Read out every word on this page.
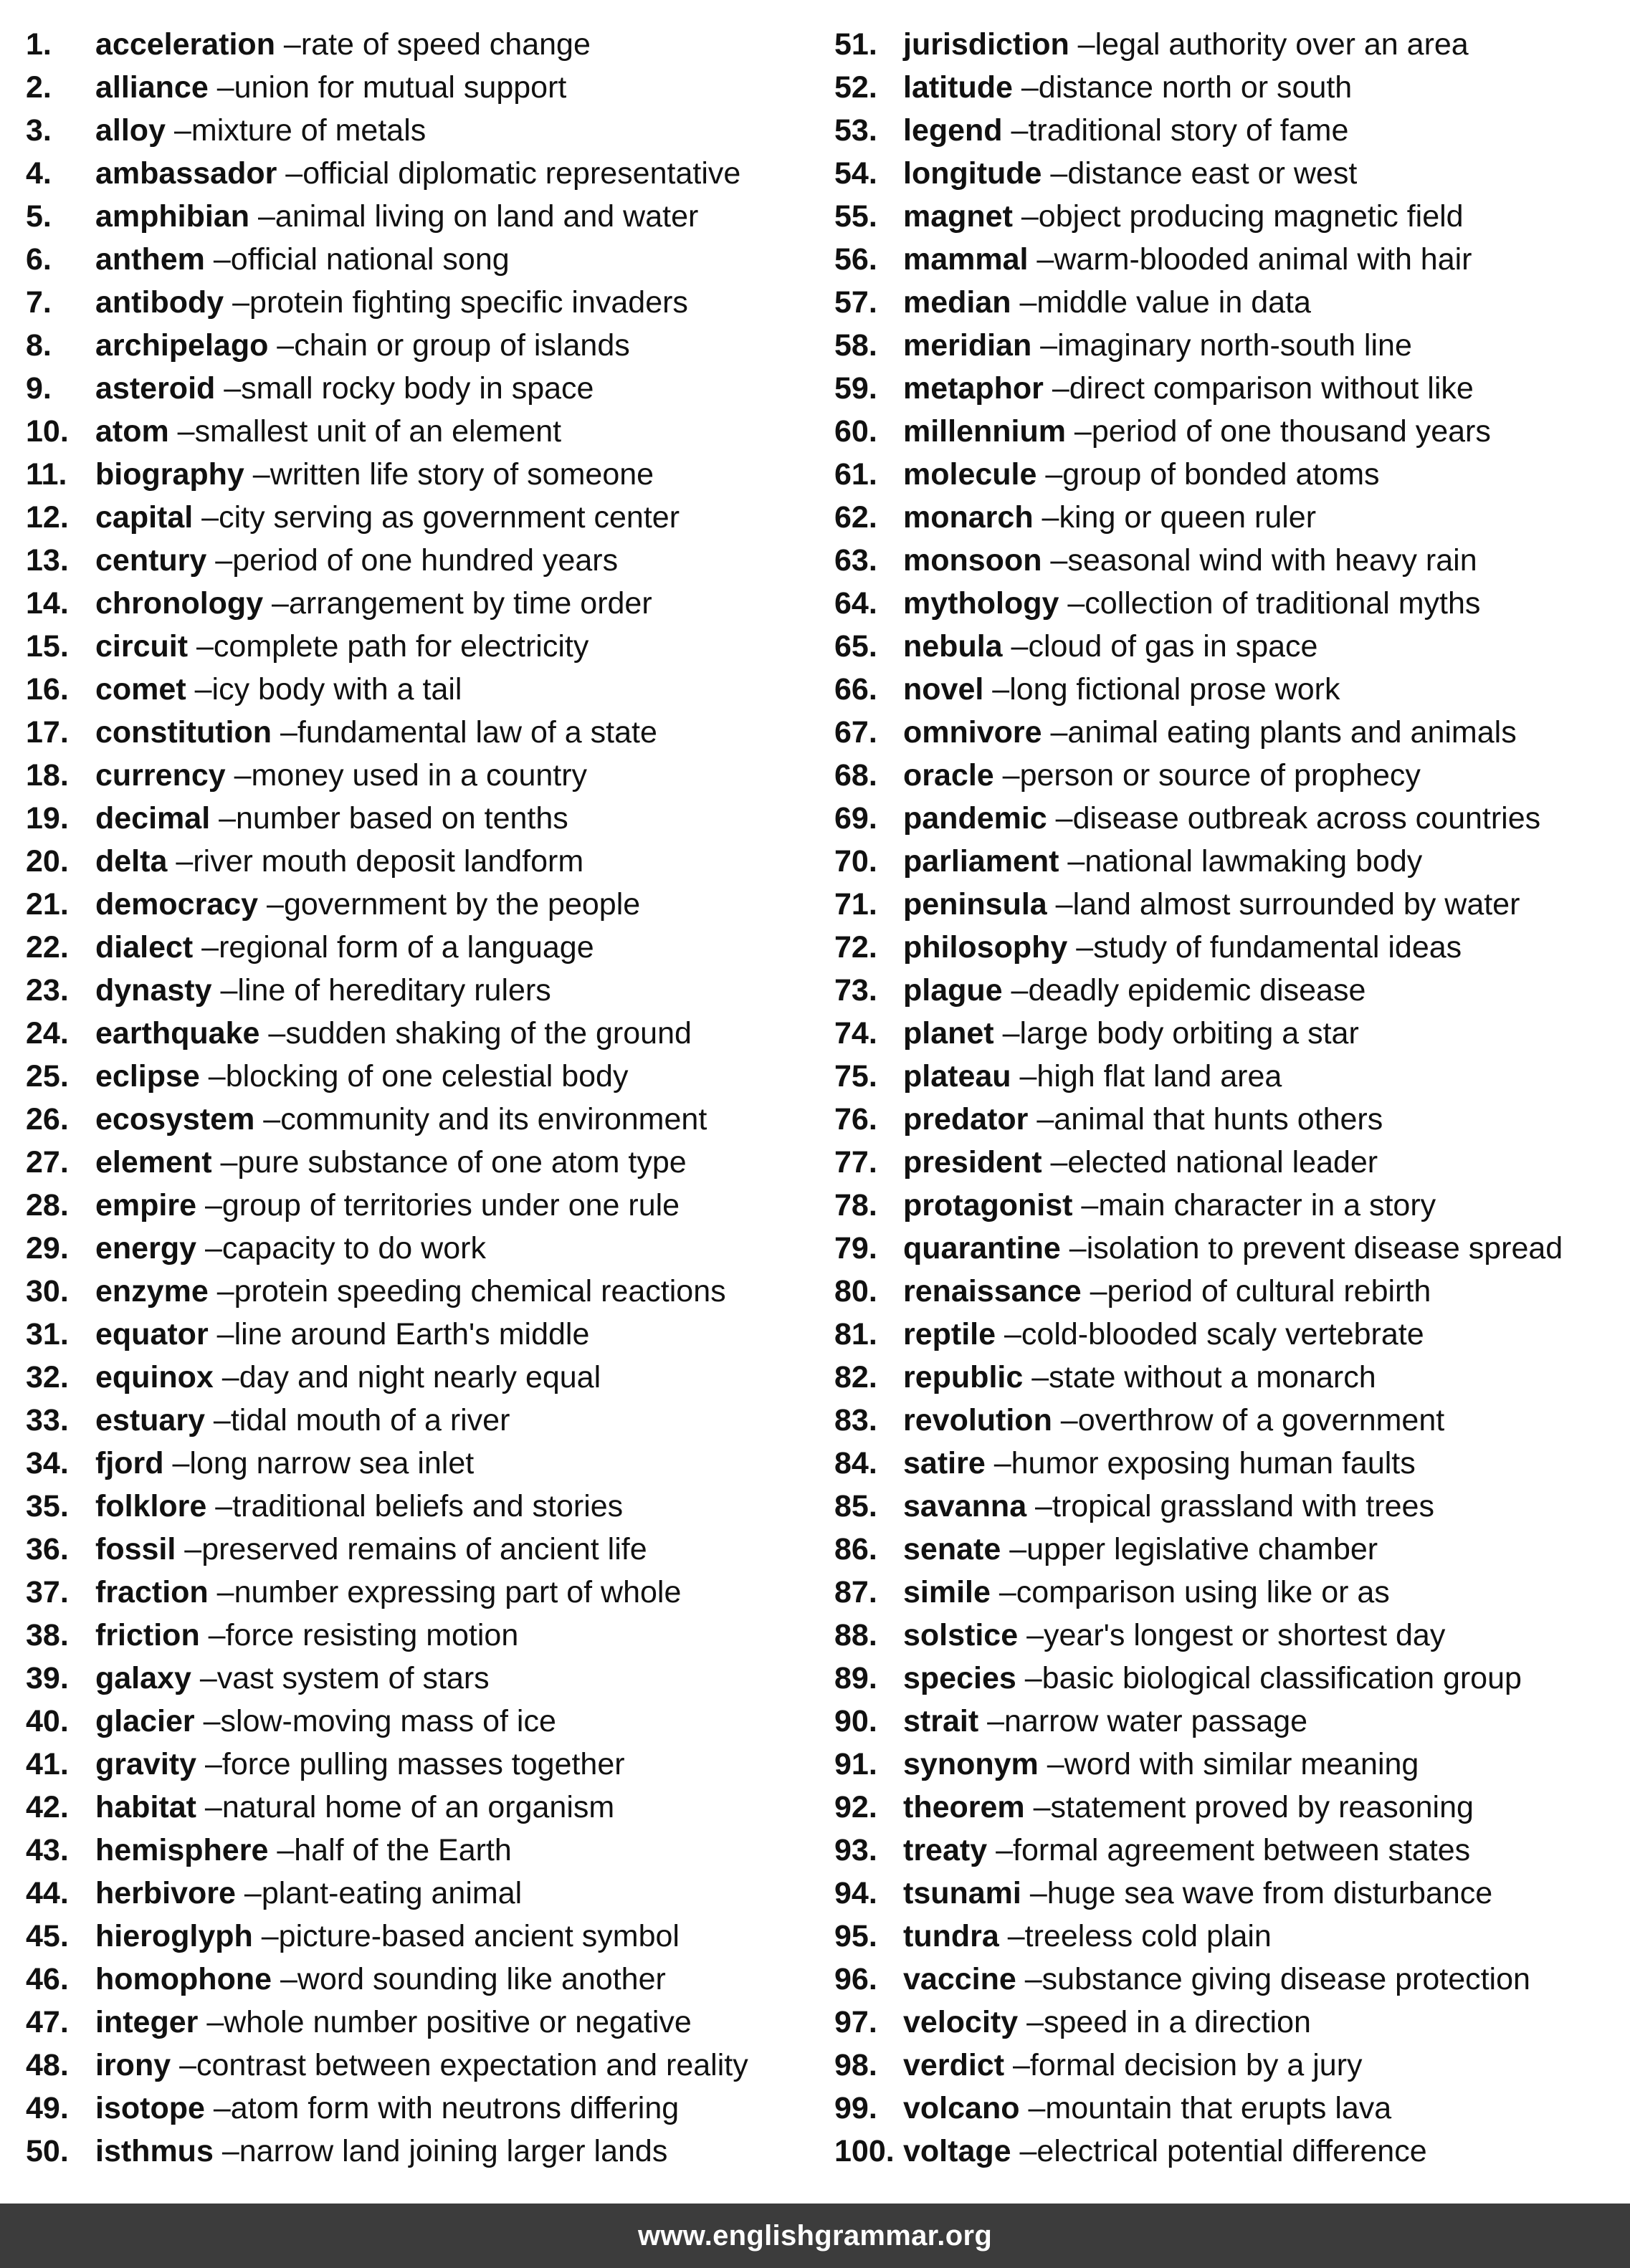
1. acceleration – rate of speed change
2. alliance – union for mutual support
3. alloy – mixture of metals
4. ambassador – official diplomatic representative
5. amphibian – animal living on land and water
6. anthem – official national song
7. antibody – protein fighting specific invaders
8. archipelago – chain or group of islands
9. asteroid – small rocky body in space
10. atom – smallest unit of an element
11. biography – written life story of someone
12. capital – city serving as government center
13. century – period of one hundred years
14. chronology – arrangement by time order
15. circuit – complete path for electricity
16. comet – icy body with a tail
17. constitution – fundamental law of a state
18. currency – money used in a country
19. decimal – number based on tenths
20. delta – river mouth deposit landform
21. democracy – government by the people
22. dialect – regional form of a language
23. dynasty – line of hereditary rulers
24. earthquake – sudden shaking of the ground
25. eclipse – blocking of one celestial body
26. ecosystem – community and its environment
27. element – pure substance of one atom type
28. empire – group of territories under one rule
29. energy – capacity to do work
30. enzyme – protein speeding chemical reactions
31. equator – line around Earth's middle
32. equinox – day and night nearly equal
33. estuary – tidal mouth of a river
34. fjord – long narrow sea inlet
35. folklore – traditional beliefs and stories
36. fossil – preserved remains of ancient life
37. fraction – number expressing part of whole
38. friction – force resisting motion
39. galaxy – vast system of stars
40. glacier – slow-moving mass of ice
41. gravity – force pulling masses together
42. habitat – natural home of an organism
43. hemisphere – half of the Earth
44. herbivore – plant-eating animal
45. hieroglyph – picture-based ancient symbol
46. homophone – word sounding like another
47. integer – whole number positive or negative
48. irony – contrast between expectation and reality
49. isotope – atom form with neutrons differing
50. isthmus – narrow land joining larger lands
51. jurisdiction – legal authority over an area
52. latitude – distance north or south
53. legend – traditional story of fame
54. longitude – distance east or west
55. magnet – object producing magnetic field
56. mammal – warm-blooded animal with hair
57. median – middle value in data
58. meridian – imaginary north-south line
59. metaphor – direct comparison without like
60. millennium – period of one thousand years
61. molecule – group of bonded atoms
62. monarch – king or queen ruler
63. monsoon – seasonal wind with heavy rain
64. mythology – collection of traditional myths
65. nebula – cloud of gas in space
66. novel – long fictional prose work
67. omnivore – animal eating plants and animals
68. oracle – person or source of prophecy
69. pandemic – disease outbreak across countries
70. parliament – national lawmaking body
71. peninsula – land almost surrounded by water
72. philosophy – study of fundamental ideas
73. plague – deadly epidemic disease
74. planet – large body orbiting a star
75. plateau – high flat land area
76. predator – animal that hunts others
77. president – elected national leader
78. protagonist – main character in a story
79. quarantine – isolation to prevent disease spread
80. renaissance – period of cultural rebirth
81. reptile – cold-blooded scaly vertebrate
82. republic – state without a monarch
83. revolution – overthrow of a government
84. satire – humor exposing human faults
85. savanna – tropical grassland with trees
86. senate – upper legislative chamber
87. simile – comparison using like or as
88. solstice – year's longest or shortest day
89. species – basic biological classification group
90. strait – narrow water passage
91. synonym – word with similar meaning
92. theorem – statement proved by reasoning
93. treaty – formal agreement between states
94. tsunami – huge sea wave from disturbance
95. tundra – treeless cold plain
96. vaccine – substance giving disease protection
97. velocity – speed in a direction
98. verdict – formal decision by a jury
99. volcano – mountain that erupts lava
100. voltage – electrical potential difference
www.englishgrammar.org
